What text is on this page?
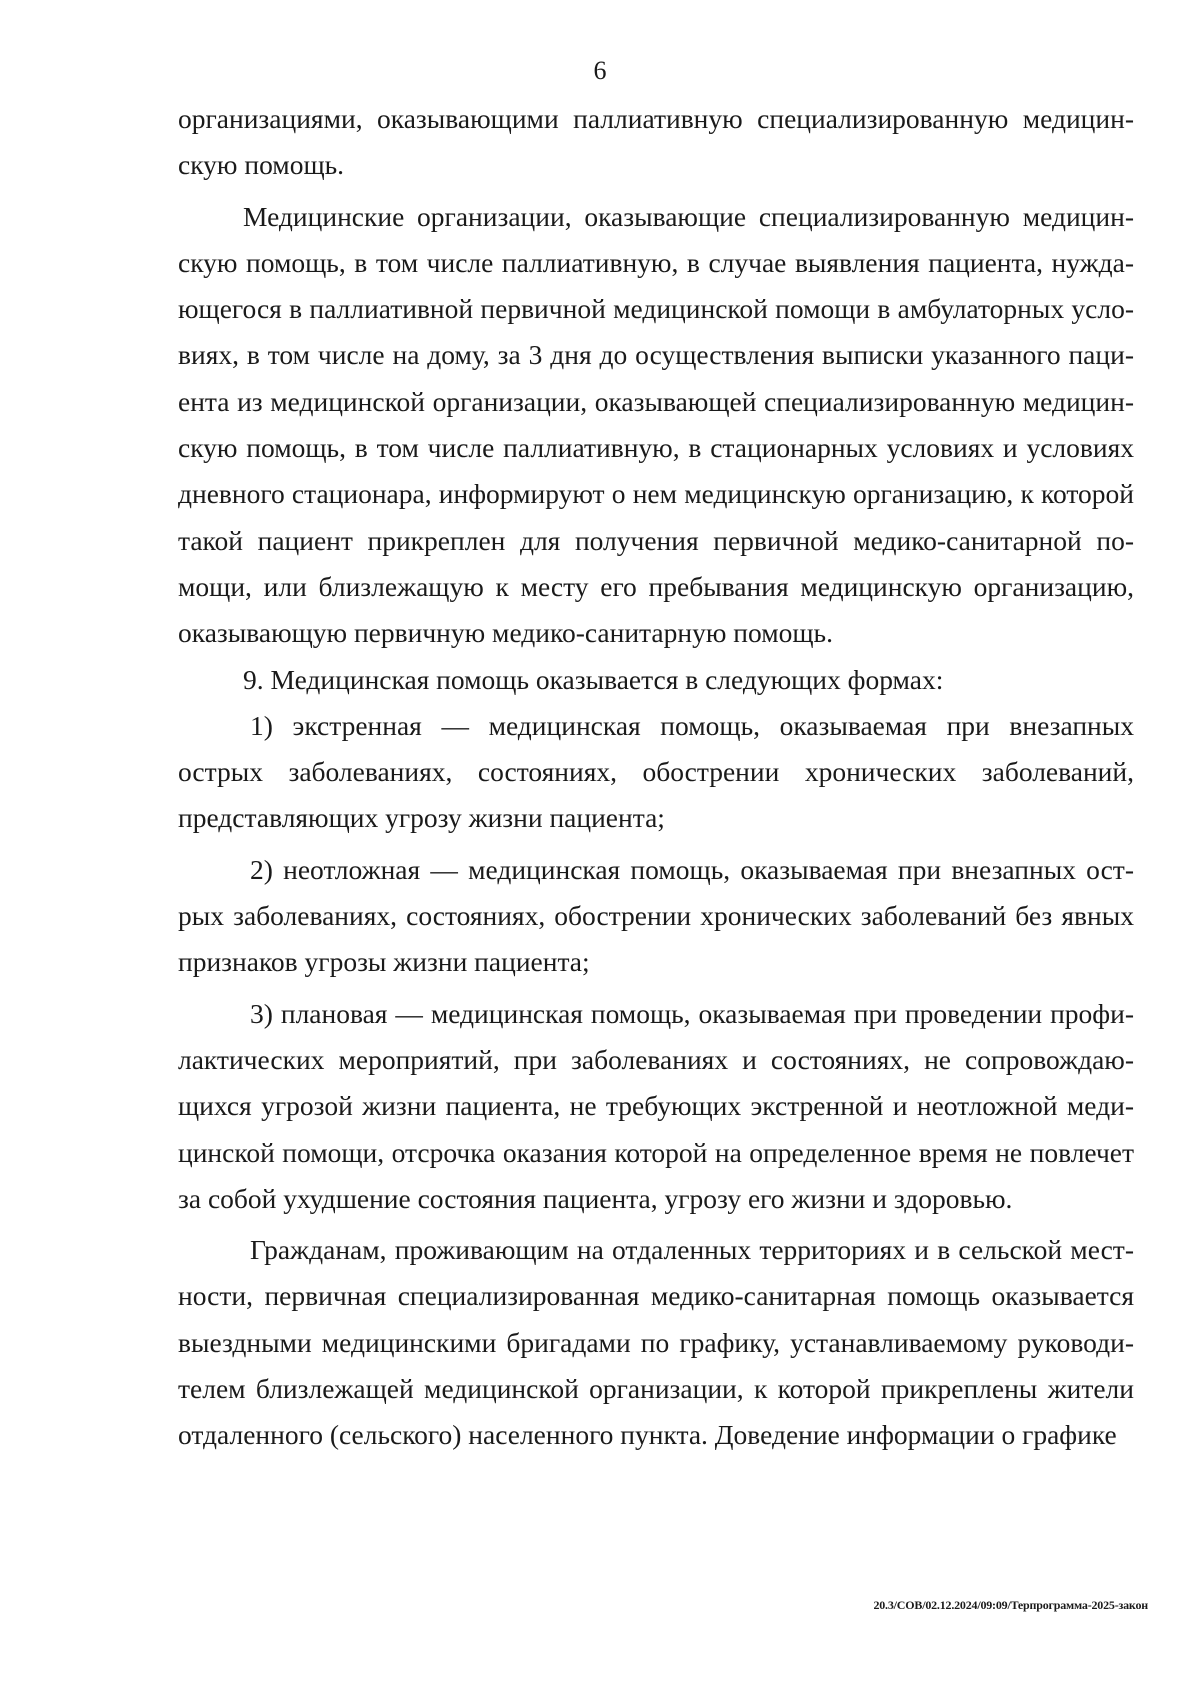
6

организациями, оказывающими паллиативную специализированную медицинскую помощь.

Медицинские организации, оказывающие специализированную медицинскую помощь, в том числе паллиативную, в случае выявления пациента, нуждающегося в паллиативной первичной медицинской помощи в амбулаторных условиях, в том числе на дому, за 3 дня до осуществления выписки указанного пациента из медицинской организации, оказывающей специализированную медицинскую помощь, в том числе паллиативную, в стационарных условиях и условиях дневного стационара, информируют о нем медицинскую организацию, к которой такой пациент прикреплен для получения первичной медико-санитарной помощи, или близлежащую к месту его пребывания медицинскую организацию, оказывающую первичную медико-санитарную помощь.

9. Медицинская помощь оказывается в следующих формах:

1) экстренная — медицинская помощь, оказываемая при внезапных острых заболеваниях, состояниях, обострении хронических заболеваний, представляющих угрозу жизни пациента;

2) неотложная — медицинская помощь, оказываемая при внезапных острых заболеваниях, состояниях, обострении хронических заболеваний без явных признаков угрозы жизни пациента;

3) плановая — медицинская помощь, оказываемая при проведении профилактических мероприятий, при заболеваниях и состояниях, не сопровождающихся угрозой жизни пациента, не требующих экстренной и неотложной медицинской помощи, отсрочка оказания которой на определенное время не повлечет за собой ухудшение состояния пациента, угрозу его жизни и здоровью.

Гражданам, проживающим на отдаленных территориях и в сельской местности, первичная специализированная медико-санитарная помощь оказывается выездными медицинскими бригадами по графику, устанавливаемому руководителем близлежащей медицинской организации, к которой прикреплены жители отдаленного (сельского) населенного пункта. Доведение информации о графике

20.3/СОВ/02.12.2024/09:09/Терпрограмма-2025-закон
